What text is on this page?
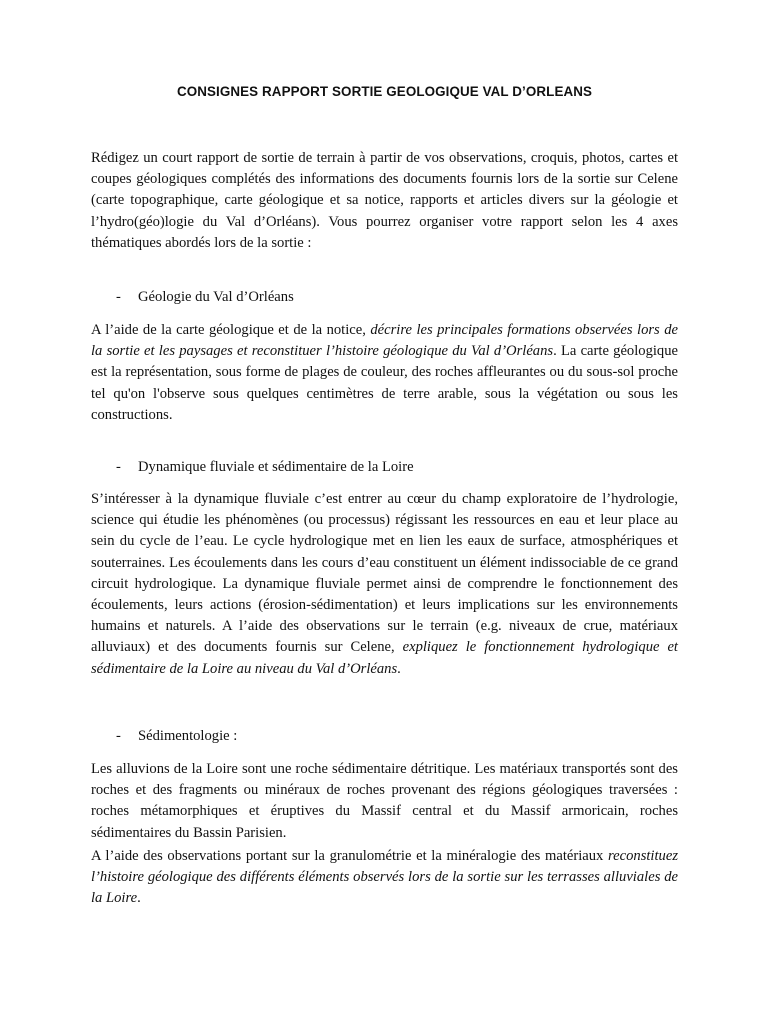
CONSIGNES RAPPORT SORTIE GEOLOGIQUE VAL D’ORLEANS

Rédigez un court rapport de sortie de terrain à partir de vos observations, croquis, photos, cartes et coupes géologiques complétés des informations des documents fournis lors de la sortie sur Celene (carte topographique, carte géologique et sa notice, rapports et articles divers sur la géologie et l’hydro(géo)logie du Val d’Orléans). Vous pourrez organiser votre rapport selon les 4 axes thématiques abordés lors de la sortie :

- Géologie du Val d’Orléans

A l’aide de la carte géologique et de la notice, décrire les principales formations observées lors de la sortie et les paysages et reconstituer l’histoire géologique du Val d’Orléans. La carte géologique est la représentation, sous forme de plages de couleur, des roches affleurantes ou du sous-sol proche tel qu'on l'observe sous quelques centimètres de terre arable, sous la végétation ou sous les constructions.

- Dynamique fluviale et sédimentaire de la Loire

S’intéresser à la dynamique fluviale c’est entrer au cœur du champ exploratoire de l’hydrologie, science qui étudie les phénomènes (ou processus) régissant les ressources en eau et leur place au sein du cycle de l’eau. Le cycle hydrologique met en lien les eaux de surface, atmosphériques et souterraines. Les écoulements dans les cours d’eau constituent un élément indissociable de ce grand circuit hydrologique. La dynamique fluviale permet ainsi de comprendre le fonctionnement des écoulements, leurs actions (érosion-sédimentation) et leurs implications sur les environnements humains et naturels. A l’aide des observations sur le terrain (e.g. niveaux de crue, matériaux alluviaux) et des documents fournis sur Celene, expliquez le fonctionnement hydrologique et sédimentaire de la Loire au niveau du Val d’Orléans.

- Sédimentologie :

Les alluvions de la Loire sont une roche sédimentaire détritique. Les matériaux transportés sont des roches et des fragments ou minéraux de roches provenant des régions géologiques traversées : roches métamorphiques et éruptives du Massif central et du Massif armoricain, roches sédimentaires du Bassin Parisien.

A l’aide des observations portant sur la granulométrie et la minéralogie des matériaux reconstituez l’histoire géologique des différents éléments observés lors de la sortie sur les terrasses alluviales de la Loire.
